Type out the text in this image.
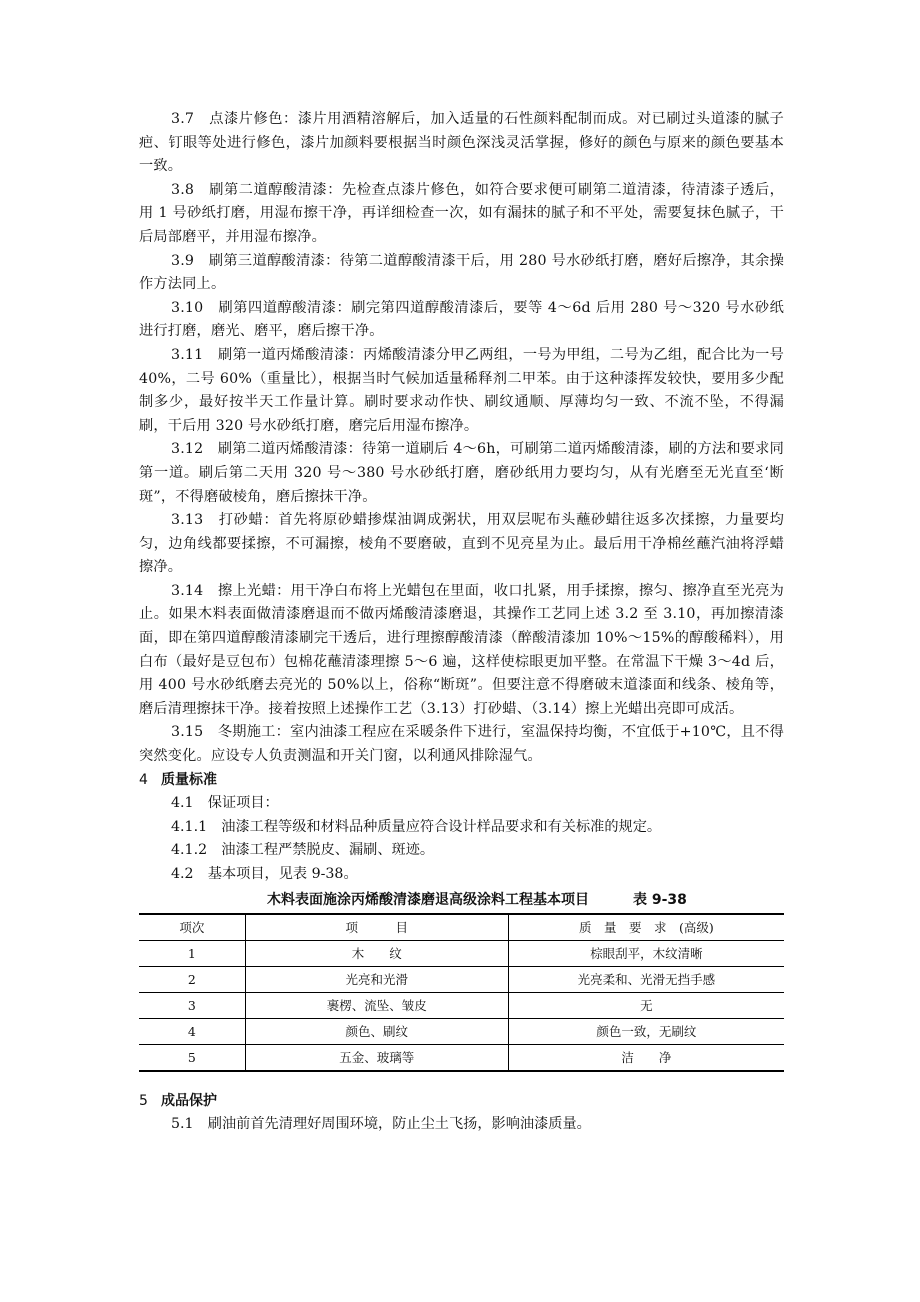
3.7　点漆片修色：漆片用酒精溶解后，加入适量的石性颜料配制而成。对已刷过头道漆的腻子疤、钉眼等处进行修色，漆片加颜料要根据当时颜色深浅灵活掌握，修好的颜色与原来的颜色要基本一致。

3.8　刷第二道醇酸清漆：先检查点漆片修色，如符合要求便可刷第二道清漆，待清漆子透后，用 1 号砂纸打磨，用湿布擦干净，再详细检查一次，如有漏抹的腻子和不平处，需要复抹色腻子，干后局部磨平，并用湿布擦净。

3.9　刷第三道醇酸清漆：待第二道醇酸清漆干后，用 280 号水砂纸打磨，磨好后擦净，其余操作方法同上。

3.10　刷第四道醇酸清漆：刷完第四道醇酸清漆后，要等 4～6d 后用 280 号～320 号水砂纸进行打磨，磨光、磨平，磨后擦干净。

3.11　刷第一道丙烯酸清漆：丙烯酸清漆分甲乙两组，一号为甲组，二号为乙组，配合比为一号 40%，二号 60%（重量比），根据当时气候加适量稀释剂二甲苯。由于这种漆挥发较快，要用多少配制多少，最好按半天工作量计算。刷时要求动作快、刷纹通顺、厚薄均匀一致、不流不坠，不得漏刷，干后用 320 号水砂纸打磨，磨完后用湿布擦净。

3.12　刷第二道丙烯酸清漆：待第一道刷后 4～6h，可刷第二道丙烯酸清漆，刷的方法和要求同第一道。刷后第二天用 320 号～380 号水砂纸打磨，磨砂纸用力要均匀，从有光磨至无光直至‘断斑”，不得磨破棱角，磨后擦抹干净。

3.13　打砂蜡：首先将原砂蜡掺煤油调成粥状，用双层呢布头蘸砂蜡往返多次揉擦，力量要均匀，边角线都要揉擦，不可漏擦，棱角不要磨破，直到不见亮星为止。最后用干净棉丝蘸汽油将浮蜡擦净。

3.14　擦上光蜡：用干净白布将上光蜡包在里面，收口扎紧，用手揉擦，擦匀、擦净直至光亮为止。如果木料表面做清漆磨退而不做丙烯酸清漆磨退，其操作工艺同上述 3.2 至 3.10，再加擦清漆面，即在第四道醇酸清漆刷完干透后，进行理擦醇酸清漆（醉酸清漆加 10%～15%的醇酸稀料），用白布（最好是豆包布）包棉花蘸清漆理擦 5～6 遍，这样使棕眼更加平整。在常温下干燥 3～4d 后，用 400 号水砂纸磨去亮光的 50%以上，俗称“断斑”。但要注意不得磨破末道漆面和线条、棱角等，磨后清理擦抹干净。接着按照上述操作工艺（3.13）打砂蜡、（3.14）擦上光蜡出亮即可成活。

3.15　冬期施工：室内油漆工程应在采暖条件下进行，室温保持均衡，不宜低于+10℃，且不得突然变化。应设专人负责测温和开关门窗，以利通风排除湿气。

4 质量标准

4.1　保证项目：

4.1.1　油漆工程等级和材料品种质量应符合设计样品要求和有关标准的规定。

4.1.2　油漆工程严禁脱皮、漏刷、斑迹。

4.2　基本项目，见表 9-38。

木料表面施涂丙烯酸清漆磨退高级涂料工程基本项目	表 9-38

项次	项　　　目	质　量　要　求　(高级)
1	木　　纹	棕眼刮平，木纹清晰
2	光亮和光滑	光亮柔和、光滑无挡手感
3	裹楞、流坠、皱皮	无
4	颜色、刷纹	颜色一致，无刷纹
5	五金、玻璃等	洁　　净

5 成品保护

5.1　刷油前首先清理好周围环境，防止尘土飞扬，影响油漆质量。
